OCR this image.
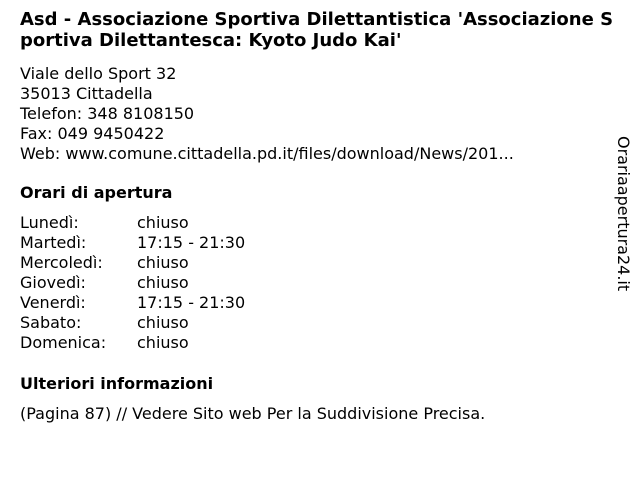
Asd - Associazione Sportiva Dilettantistica 'Associazione Sportiva Dilettantesca: Kyoto Judo Kai'
Viale dello Sport 32
35013 Cittadella
Telefon: 348 8108150
Fax: 049 9450422
Web: www.comune.cittadella.pd.it/files/download/News/201...
Orari di apertura
Lunedì:	chiuso
Martedì:	17:15 - 21:30
Mercoledì:	chiuso
Giovedì:	chiuso
Venerdì:	17:15 - 21:30
Sabato:	chiuso
Domenica:	chiuso
Ulteriori informazioni
(Pagina 87) // Vedere Sito web Per la Suddivisione Precisa.
Orariaapertura24.it
